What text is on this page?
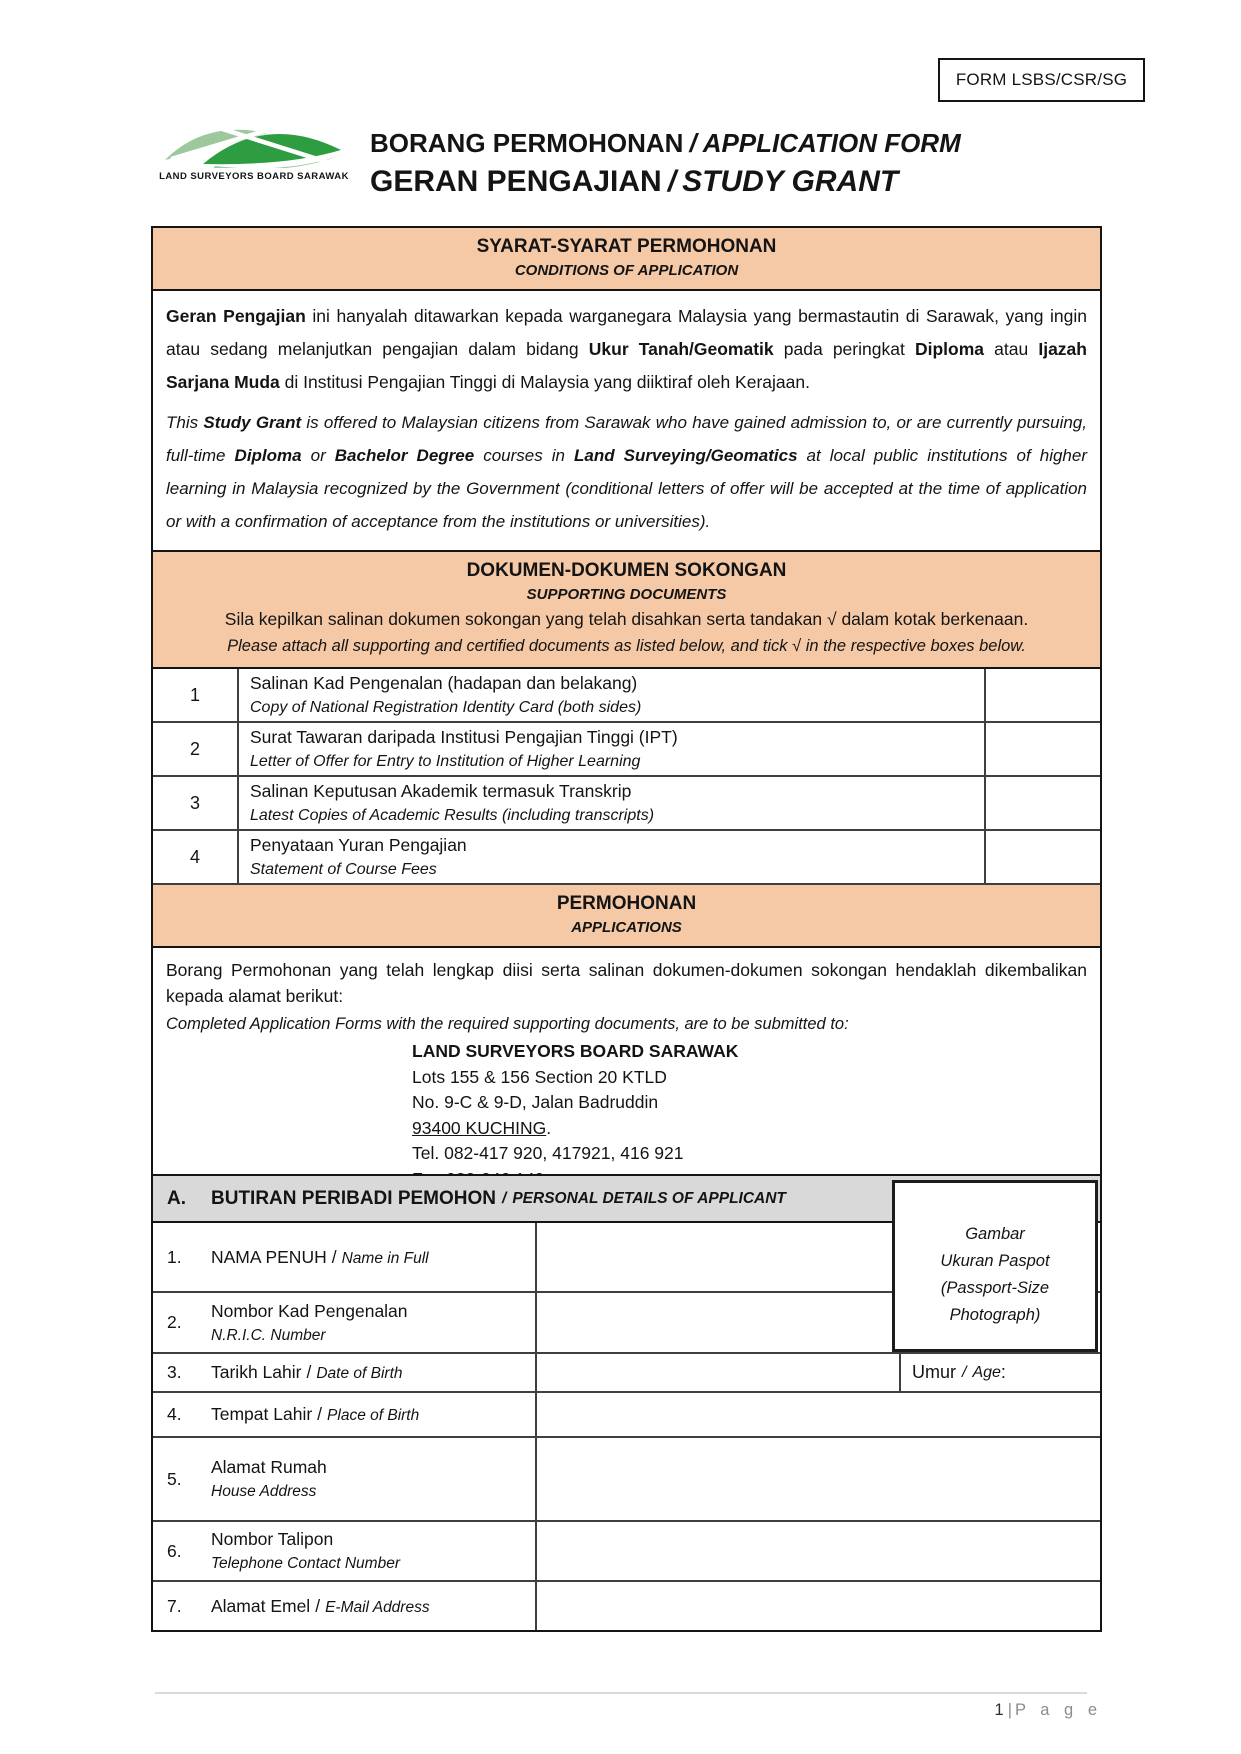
FORM LSBS/CSR/SG
LAND SURVEYORS BOARD SARAWAK
BORANG PERMOHONAN / APPLICATION FORM
GERAN PENGAJIAN / STUDY GRANT
SYARAT-SYARAT PERMOHONAN
CONDITIONS OF APPLICATION

Geran Pengajian ini hanyalah ditawarkan kepada warganegara Malaysia yang bermastautin di Sarawak, yang ingin atau sedang melanjutkan pengajian dalam bidang Ukur Tanah/Geomatik pada peringkat Diploma atau Ijazah Sarjana Muda di Institusi Pengajian Tinggi di Malaysia yang diiktiraf oleh Kerajaan.

This Study Grant is offered to Malaysian citizens from Sarawak who have gained admission to, or are currently pursuing, full-time Diploma or Bachelor Degree courses in Land Surveying/Geomatics at local public institutions of higher learning in Malaysia recognized by the Government (conditional letters of offer will be accepted at the time of application or with a confirmation of acceptance from the institutions or universities).

DOKUMEN-DOKUMEN SOKONGAN
SUPPORTING DOCUMENTS
Sila kepilkan salinan dokumen sokongan yang telah disahkan serta tandakan √ dalam kotak berkenaan.
Please attach all supporting and certified documents as listed below, and tick √ in the respective boxes below.
1
Salinan Kad Pengenalan (hadapan dan belakang)
Copy of National Registration Identity Card (both sides)
2
Surat Tawaran daripada Institusi Pengajian Tinggi (IPT)
Letter of Offer for Entry to Institution of Higher Learning
3
Salinan Keputusan Akademik termasuk Transkrip
Latest Copies of Academic Results (including transcripts)
4
Penyataan Yuran Pengajian
Statement of Course Fees
PERMOHONAN
APPLICATIONS

Borang Permohonan yang telah lengkap diisi serta salinan dokumen-dokumen sokongan hendaklah dikembalikan kepada alamat berikut:

Completed Application Forms with the required supporting documents, are to be submitted to:

LAND SURVEYORS BOARD SARAWAK
Lots 155 & 156 Section 20 KTLD
No. 9-C & 9-D, Jalan Badruddin
93400 KUCHING.
Tel. 082-417 920, 417921, 416 921
A.	BUTIRAN PERIBADI PEMOHON / PERSONAL DETAILS OF APPLICANT
1.	NAMA PENUH / Name in Full
2.
Nombor Kad Pengenalan
N.R.I.C. Number
3.	Tarikh Lahir / Date of Birth	Umur / Age :
4.	Tempat Lahir / Place of Birth
5.
Alamat Rumah
House Address
6.
Nombor Talipon
Telephone Contact Number
7.	Alamat Emel / E-Mail Address
Gambar
Ukuran Paspot
(Passport-Size
Photograph)
1 | P a g e
